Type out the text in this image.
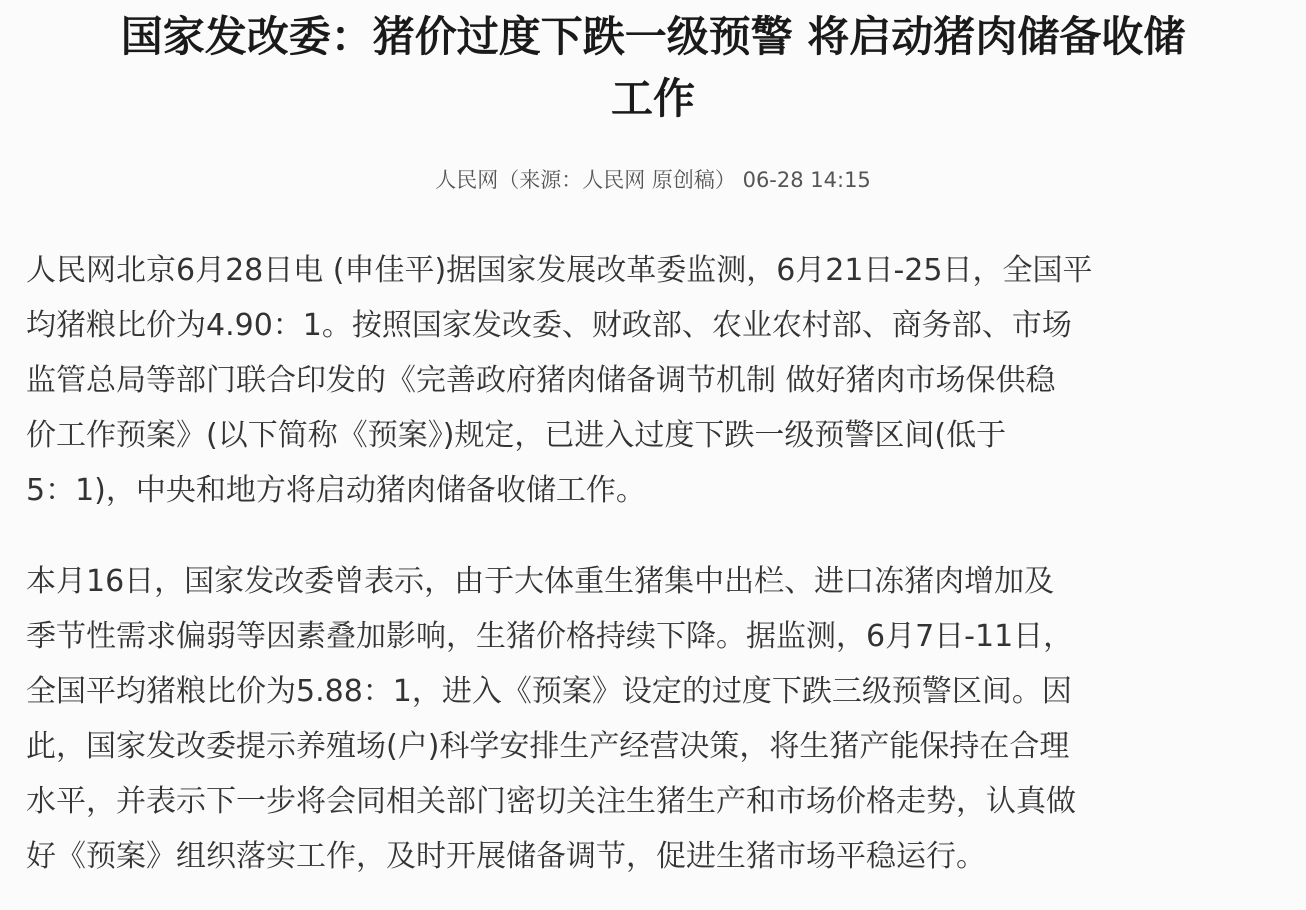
国家发改委：猪价过度下跌一级预警 将启动猪肉储备收储
工作
人民网（来源：人民网 原创稿） 06-28 14:15

人民网北京6月28日电 (申佳平)据国家发展改革委监测，6月21日-25日，全国平
均猪粮比价为4.90：1。按照国家发改委、财政部、农业农村部、商务部、市场
监管总局等部门联合印发的《完善政府猪肉储备调节机制 做好猪肉市场保供稳
价工作预案》(以下简称《预案》)规定，已进入过度下跌一级预警区间(低于
5：1)，中央和地方将启动猪肉储备收储工作。

本月16日，国家发改委曾表示，由于大体重生猪集中出栏、进口冻猪肉增加及
季节性需求偏弱等因素叠加影响，生猪价格持续下降。据监测，6月7日-11日，
全国平均猪粮比价为5.88：1，进入《预案》设定的过度下跌三级预警区间。因
此，国家发改委提示养殖场(户)科学安排生产经营决策，将生猪产能保持在合理
水平，并表示下一步将会同相关部门密切关注生猪生产和市场价格走势，认真做
好《预案》组织落实工作，及时开展储备调节，促进生猪市场平稳运行。
